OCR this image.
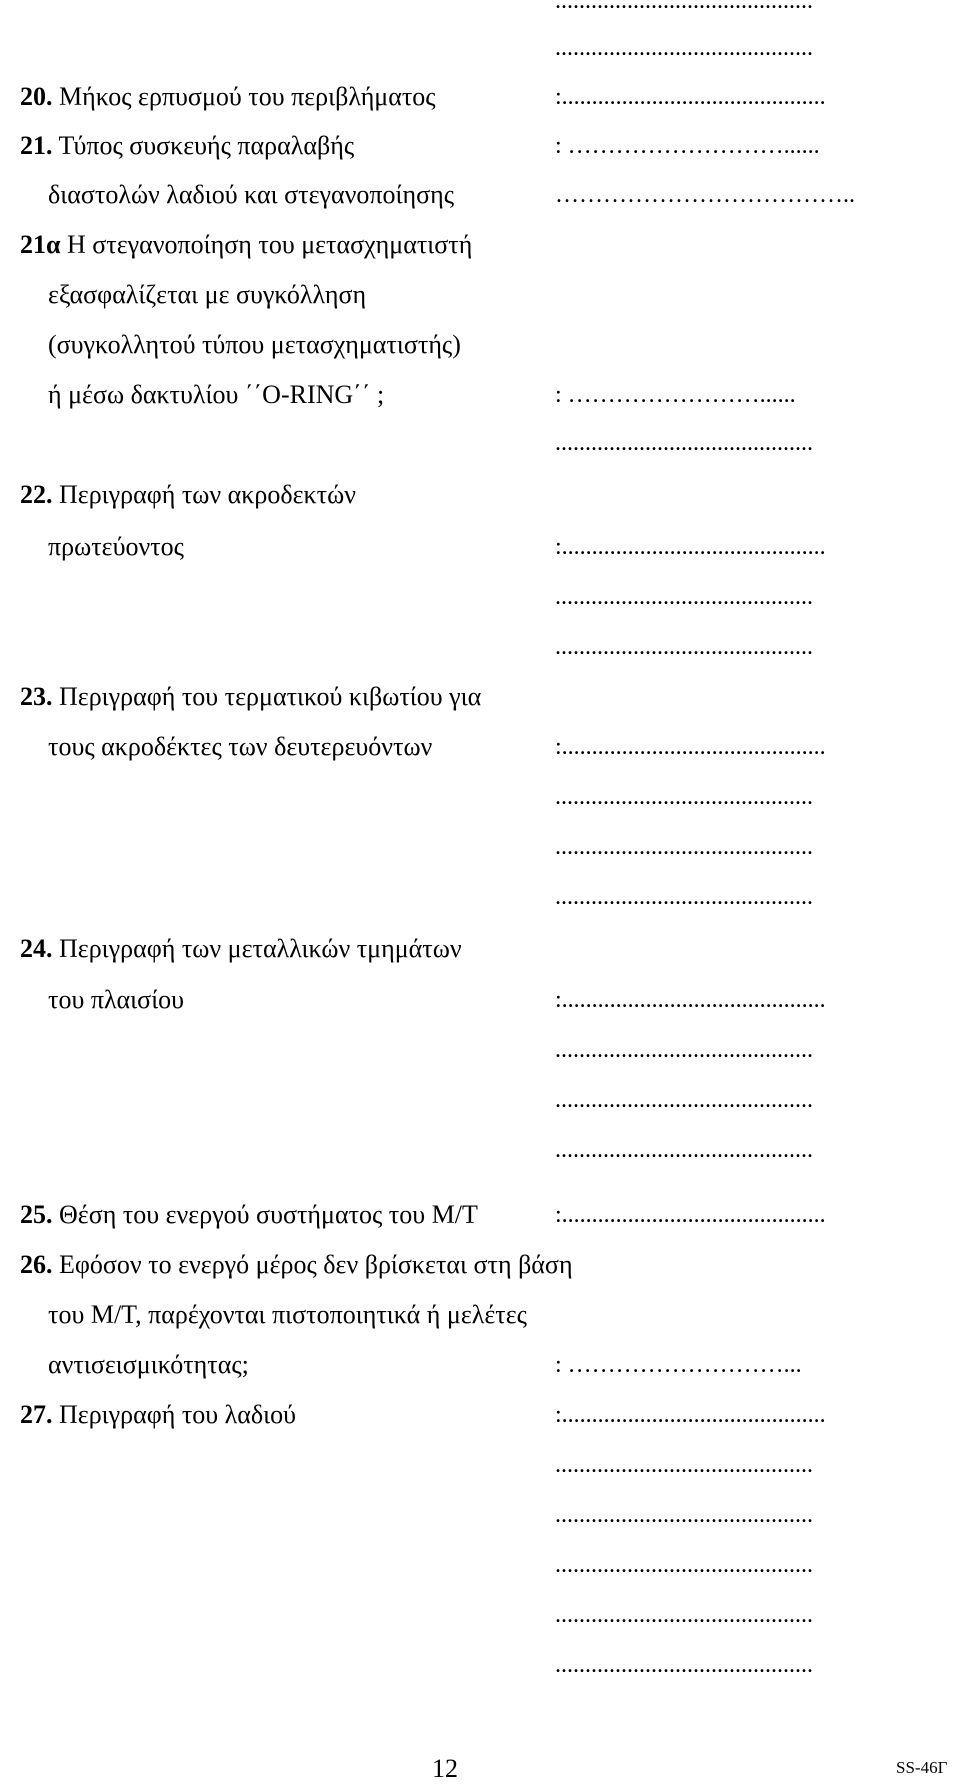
...........................................
...........................................
20. Μήκος ερπυσμού του περιβλήματος	:............................................
21. Τύπος συσκευής παραλαβής	: ………………………......
διαστολών λαδιού και στεγανοποίησης	………………………………..
21α Η στεγανοποίηση του μετασχηματιστή
εξασφαλίζεται με συγκόλληση
(συγκολλητού τύπου μετασχηματιστής)
ή μέσω δακτυλίου ΄΄O-RING΄΄ ;	: ……………………......
...........................................
22. Περιγραφή των ακροδεκτών
πρωτεύοντος	:............................................
...........................................
...........................................
23. Περιγραφή του τερματικού κιβωτίου για
τους ακροδέκτες των δευτερευόντων	:............................................
...........................................
...........................................
...........................................
24. Περιγραφή των μεταλλικών τμημάτων
του πλαισίου	:............................................
...........................................
...........................................
...........................................
25. Θέση του ενεργού συστήματος του Μ/Τ	:............................................
26. Εφόσον το ενεργό μέρος δεν βρίσκεται στη βάση
του Μ/Τ, παρέχονται πιστοποιητικά ή μελέτες
αντισεισμικότητας;	: ………………………...
27. Περιγραφή του λαδιού	:............................................
...........................................
...........................................
...........................................
...........................................
...........................................
12	SS-46Γ
